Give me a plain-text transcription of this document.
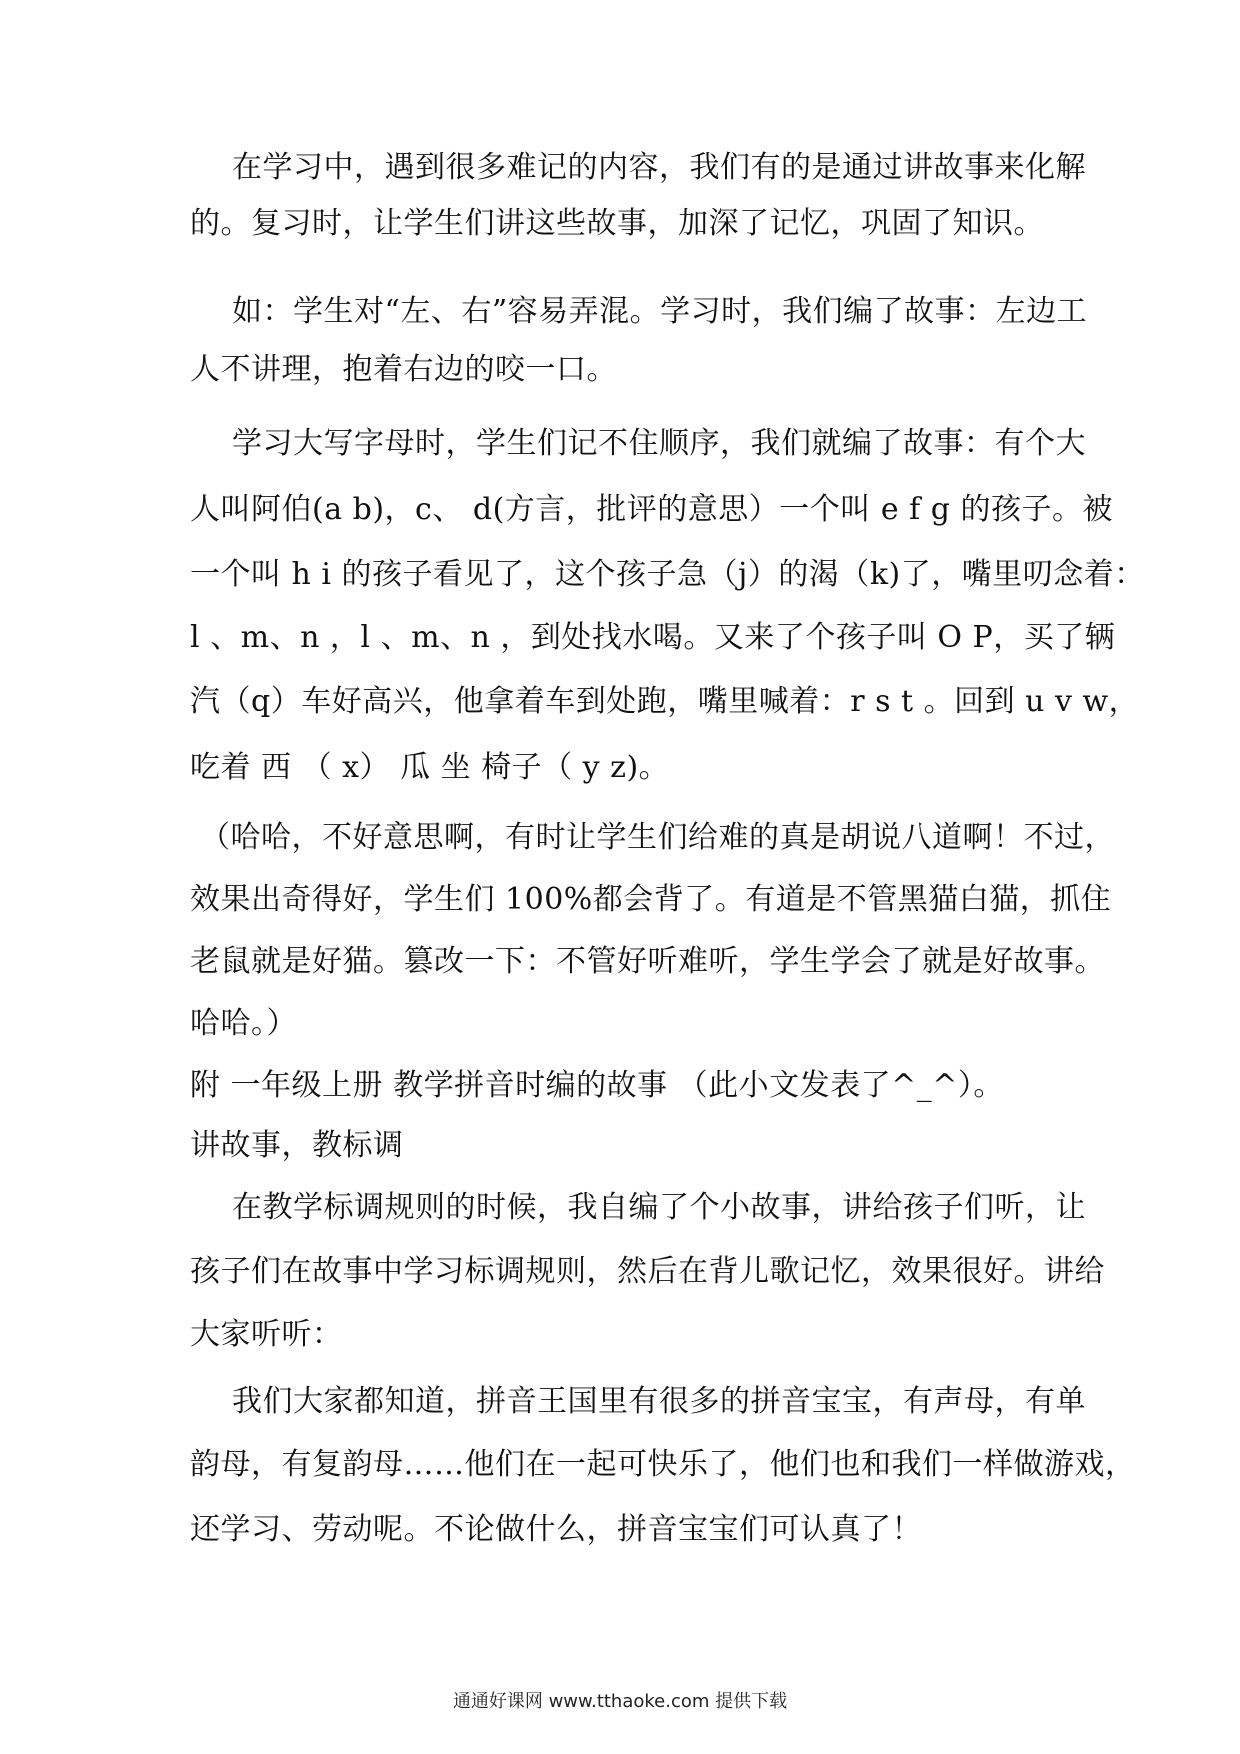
在学习中，遇到很多难记的内容，我们有的是通过讲故事来化解
的。复习时，让学生们讲这些故事，加深了记忆，巩固了知识。
如：学生对“左、右”容易弄混。学习时，我们编了故事：左边工
人不讲理，抱着右边的咬一口。
学习大写字母时，学生们记不住顺序，我们就编了故事：有个大
人叫阿伯(a b)，c、 d(方言，批评的意思）一个叫 e f g 的孩子。被
一个叫 h i 的孩子看见了，这个孩子急（j）的渴（k)了，嘴里叨念着：
l 、m、n ，l 、m、n ，到处找水喝。又来了个孩子叫 O P，买了辆
汽（q）车好高兴，他拿着车到处跑，嘴里喊着：r s t 。回到 u v w，
吃着 西 （ x） 瓜 坐 椅子（ y z)。
（哈哈，不好意思啊，有时让学生们给难的真是胡说八道啊！不过，
效果出奇得好，学生们 100%都会背了。有道是不管黑猫白猫，抓住
老鼠就是好猫。篡改一下：不管好听难听，学生学会了就是好故事。
哈哈。）
附 一年级上册 教学拼音时编的故事 （此小文发表了^_^）。
讲故事，教标调
在教学标调规则的时候，我自编了个小故事，讲给孩子们听，让
孩子们在故事中学习标调规则，然后在背儿歌记忆，效果很好。讲给
大家听听：
我们大家都知道，拼音王国里有很多的拼音宝宝，有声母，有单
韵母，有复韵母……他们在一起可快乐了，他们也和我们一样做游戏，
还学习、劳动呢。不论做什么，拼音宝宝们可认真了！
通通好课网 www.tthaoke.com 提供下载
